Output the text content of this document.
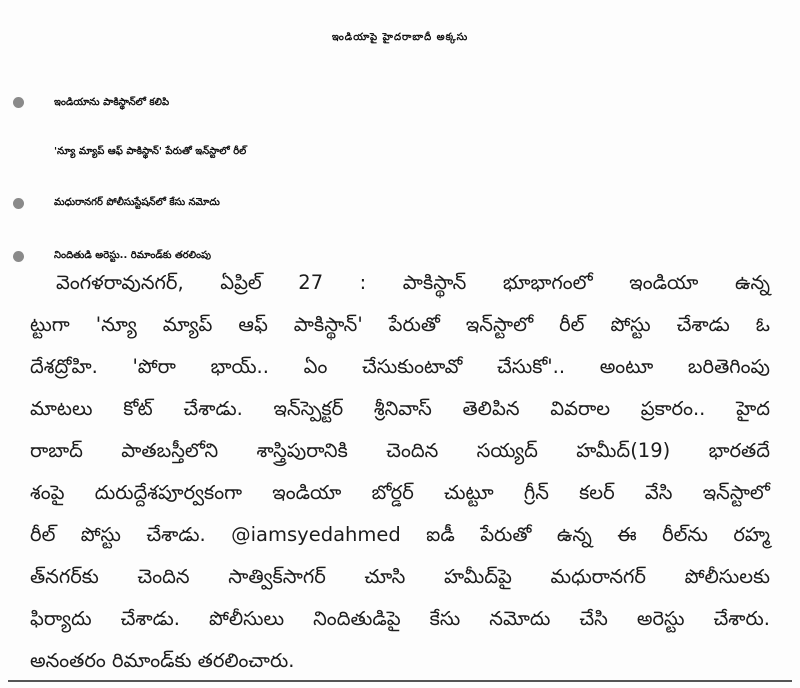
ఇండియాపై హైదరాబాదీ అక్కసు
ఇండియాను పాకిస్థాన్‌లో కలిపి
'న్యూ మ్యాప్ ఆఫ్ పాకిస్థాన్' పేరుతో ఇన్‌స్టాలో రీల్
మధురానగర్ పోలీసుస్టేషన్‌లో కేసు నమోదు
నిందితుడి అరెస్టు.. రిమాండ్‌కు తరలింపు
వెంగళరావునగర్, ఏప్రిల్ 27 : పాకిస్థాన్ భూభాగంలో ఇండియా ఉన్న
ట్టుగా 'న్యూ మ్యాప్ ఆఫ్ పాకిస్థాన్' పేరుతో ఇన్‌స్టాలో రీల్ పోస్టు చేశాడు ఓ
దేశద్రోహి. 'పోరా భాయ్.. ఏం చేసుకుంటావో చేసుకో'.. అంటూ బరితెగింపు
మాటలు కోట్ చేశాడు. ఇన్‌స్పెక్టర్ శ్రీనివాస్ తెలిపిన వివరాల ప్రకారం.. హైద
రాబాద్ పాతబస్తీలోని శాస్త్రిపురానికి చెందిన సయ్యద్ హమీద్(19) భారతదే
శంపై దురుద్దేశపూర్వకంగా ఇండియా బోర్డర్ చుట్టూ గ్రీన్ కలర్ వేసి ఇన్‌స్టాలో
రీల్ పోస్టు చేశాడు. @iamsyedahmed ఐడీ పేరుతో ఉన్న ఈ రీల్‌ను రహ్మ
త్‌నగర్‌కు చెందిన సాత్విక్‌సాగర్ చూసి హమీద్‌పై మధురానగర్ పోలీసులకు
ఫిర్యాదు చేశాడు. పోలీసులు నిందితుడిపై కేసు నమోదు చేసి అరెస్టు చేశారు.
అనంతరం రిమాండ్‌కు తరలించారు.
